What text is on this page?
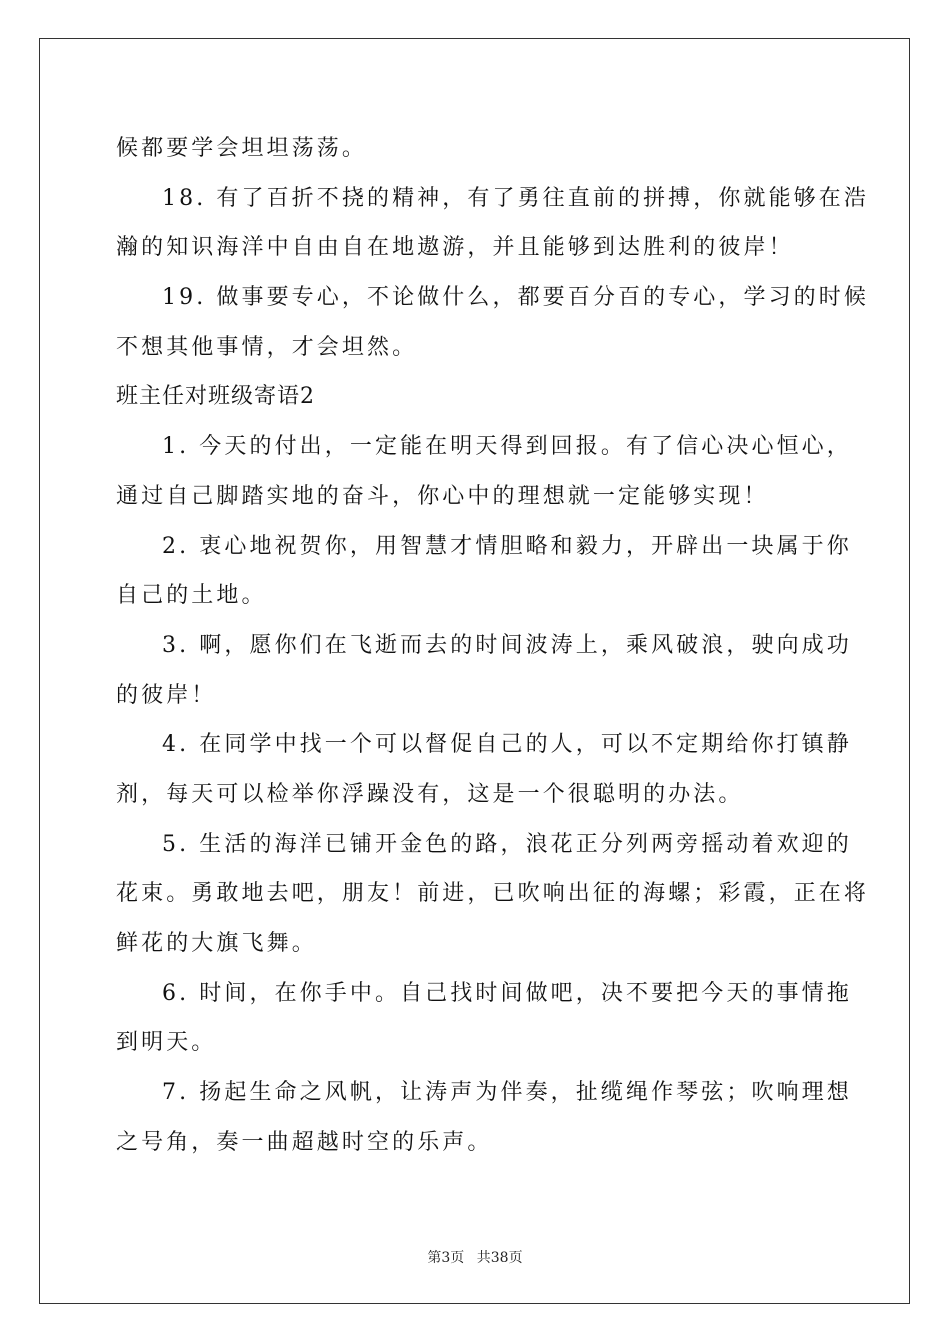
候都要学会坦坦荡荡。
18. 有了百折不挠的精神，有了勇往直前的拼搏，你就能够在浩
瀚的知识海洋中自由自在地遨游，并且能够到达胜利的彼岸！
19. 做事要专心，不论做什么，都要百分百的专心，学习的时候
不想其他事情，才会坦然。
班主任对班级寄语2
1. 今天的付出，一定能在明天得到回报。有了信心决心恒心，
通过自己脚踏实地的奋斗，你心中的理想就一定能够实现！
2. 衷心地祝贺你，用智慧才情胆略和毅力，开辟出一块属于你
自己的土地。
3. 啊，愿你们在飞逝而去的时间波涛上，乘风破浪，驶向成功
的彼岸！
4. 在同学中找一个可以督促自己的人，可以不定期给你打镇静
剂，每天可以检举你浮躁没有，这是一个很聪明的办法。
5. 生活的海洋已铺开金色的路，浪花正分列两旁摇动着欢迎的
花束。勇敢地去吧，朋友！前进，已吹响出征的海螺；彩霞，正在将
鲜花的大旗飞舞。
6. 时间，在你手中。自己找时间做吧，决不要把今天的事情拖
到明天。
7. 扬起生命之风帆，让涛声为伴奏，扯缆绳作琴弦；吹响理想
之号角，奏一曲超越时空的乐声。
第3页 共38页
